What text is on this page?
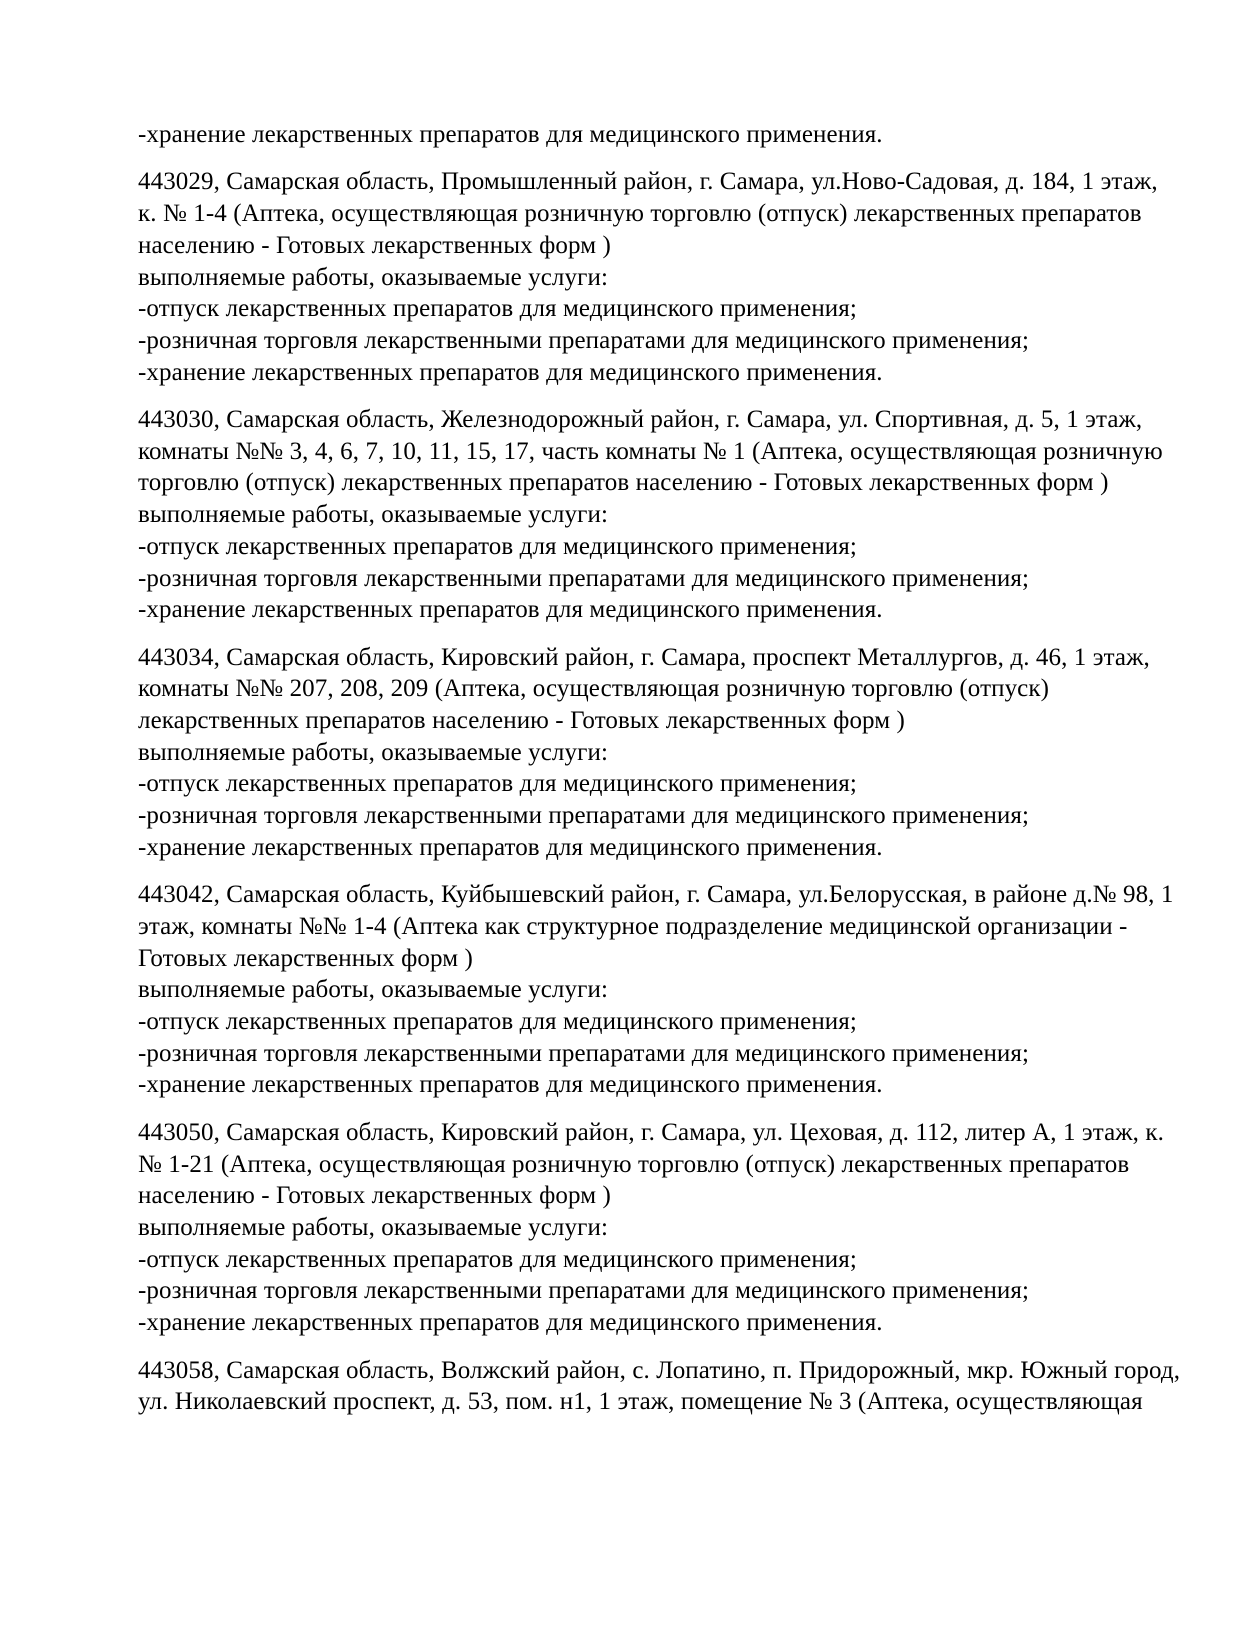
-хранение лекарственных препаратов для медицинского применения.
443029, Самарская область, Промышленный район, г. Самара, ул.Ново-Садовая, д. 184, 1 этаж,
к. № 1-4 (Аптека, осуществляющая розничную торговлю (отпуск) лекарственных препаратов
населению - Готовых лекарственных форм )
выполняемые работы, оказываемые услуги:
-отпуск лекарственных препаратов для медицинского применения;
-розничная торговля лекарственными препаратами для медицинского применения;
-хранение лекарственных препаратов для медицинского применения.
443030, Самарская область, Железнодорожный район, г. Самара, ул. Спортивная, д. 5, 1 этаж,
комнаты №№ 3, 4, 6, 7, 10, 11, 15, 17, часть комнаты № 1 (Аптека, осуществляющая розничную
торговлю (отпуск) лекарственных препаратов населению - Готовых лекарственных форм )
выполняемые работы, оказываемые услуги:
-отпуск лекарственных препаратов для медицинского применения;
-розничная торговля лекарственными препаратами для медицинского применения;
-хранение лекарственных препаратов для медицинского применения.
443034, Самарская область, Кировский район, г. Самара, проспект Металлургов, д. 46, 1 этаж,
комнаты №№ 207, 208, 209 (Аптека, осуществляющая розничную торговлю (отпуск)
лекарственных препаратов населению - Готовых лекарственных форм )
выполняемые работы, оказываемые услуги:
-отпуск лекарственных препаратов для медицинского применения;
-розничная торговля лекарственными препаратами для медицинского применения;
-хранение лекарственных препаратов для медицинского применения.
443042, Самарская область, Куйбышевский район, г. Самара, ул.Белорусская, в районе д.№ 98, 1
этаж, комнаты №№ 1-4 (Аптека как структурное подразделение медицинской организации -
Готовых лекарственных форм )
выполняемые работы, оказываемые услуги:
-отпуск лекарственных препаратов для медицинского применения;
-розничная торговля лекарственными препаратами для медицинского применения;
-хранение лекарственных препаратов для медицинского применения.
443050, Самарская область, Кировский район, г. Самара, ул. Цеховая, д. 112, литер А, 1 этаж, к.
№ 1-21 (Аптека, осуществляющая розничную торговлю (отпуск) лекарственных препаратов
населению - Готовых лекарственных форм )
выполняемые работы, оказываемые услуги:
-отпуск лекарственных препаратов для медицинского применения;
-розничная торговля лекарственными препаратами для медицинского применения;
-хранение лекарственных препаратов для медицинского применения.
443058, Самарская область, Волжский район, с. Лопатино, п. Придорожный, мкр. Южный город,
ул. Николаевский проспект, д. 53, пом. н1, 1 этаж, помещение № 3 (Аптека, осуществляющая
